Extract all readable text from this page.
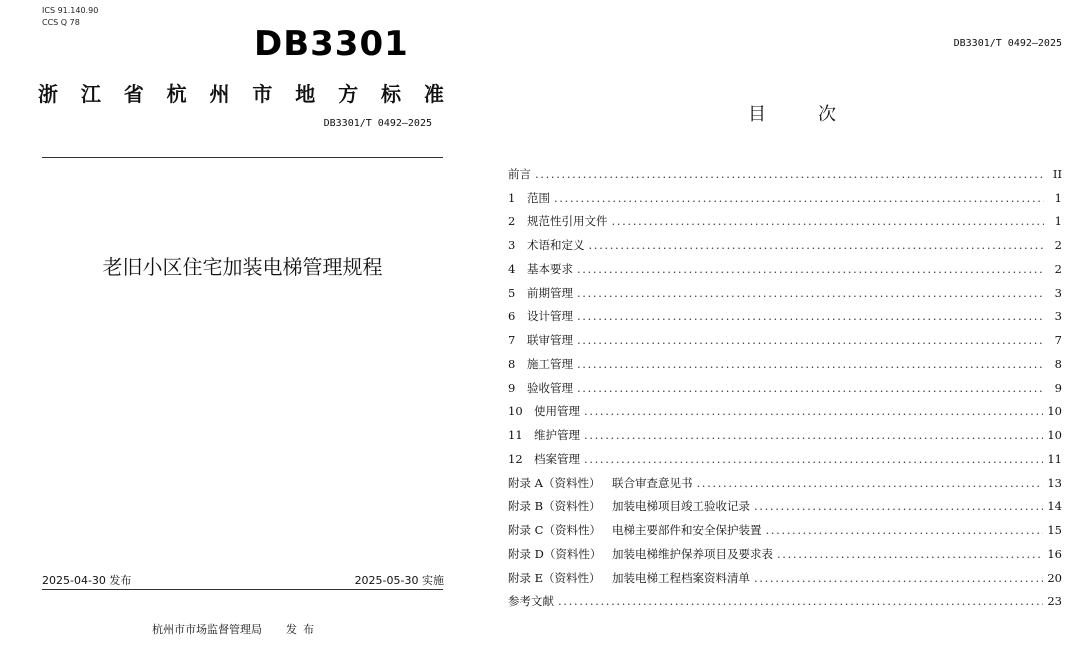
ICS 91.140.90
CCS Q 78
DB3301
浙 江 省 杭 州 市 地 方 标 准
DB3301/T 0492—2025
老旧小区住宅加装电梯管理规程
2025-04-30 发布	2025-05-30 实施
杭州市市场监督管理局 发布
DB3301/T 0492—2025
目次
前言 . . .	II
1	范围 . . .	1
2	规范性引用文件 . . .	1
3	术语和定义 . . .	2
4	基本要求 . . .	2
5	前期管理 . . .	3
6	设计管理 . . .	3
7	联审管理 . . .	7
8	施工管理 . . .	8
9	验收管理 . . .	9
10 使用管理 . . .	10
11 维护管理 . . .	10
12 档案管理 . . .	11
附录 A（资料性）	联合审查意见书 . . .	13
附录 B（资料性） 加装电梯项目竣工验收记录 . . .	14
附录 C（资料性） 电梯主要部件和安全保护装置 . . .	15
附录 D（资料性） 加装电梯维护保养项目及要求表 . . .	16
附录 E（资料性） 加装电梯工程档案资料清单 . . .	20
参考文献 . . .	23
